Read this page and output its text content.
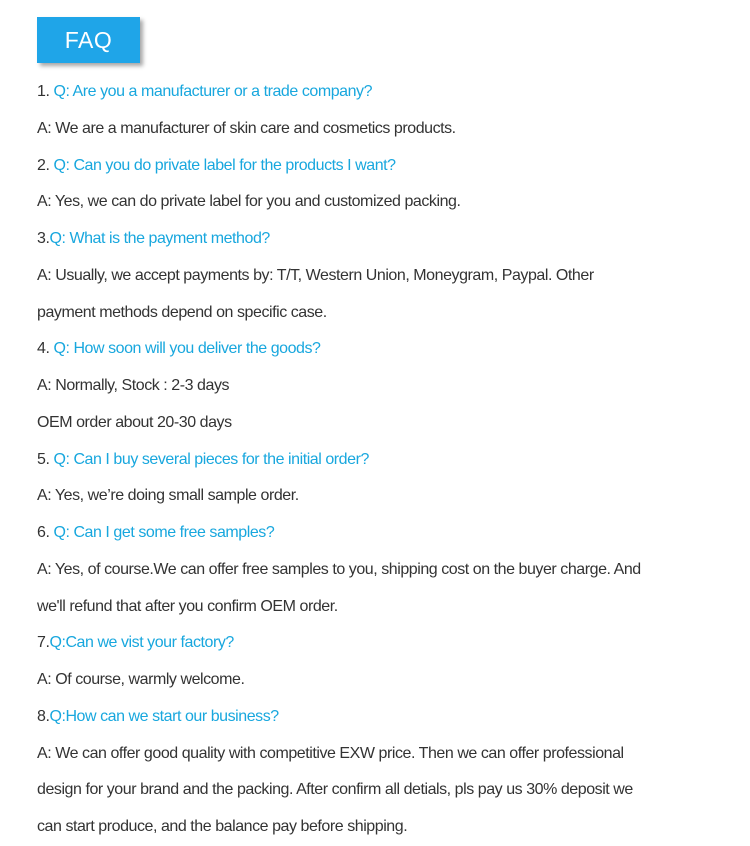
FAQ

1. Q: Are you a manufacturer or a trade company?

A: We are a manufacturer of skin care and cosmetics products.

2. Q: Can you do private label for the products I want?

A: Yes, we can do private label for you and customized packing.

3.Q: What is the payment method?

A: Usually, we accept payments by: T/T, Western Union, Moneygram, Paypal. Other

payment methods depend on specific case.

4. Q: How soon will you deliver the goods?

A: Normally, Stock : 2-3 days

OEM order about 20-30 days

5. Q: Can I buy several pieces for the initial order?

A: Yes, we’re doing small sample order.

6. Q: Can I get some free samples?

A: Yes, of course.We can offer free samples to you, shipping cost on the buyer charge. And

we'll refund that after you confirm OEM order.

7.Q:Can we vist your factory?

A: Of course, warmly welcome.

8.Q:How can we start our business?

A: We can offer good quality with competitive EXW price. Then we can offer professional

design for your brand and the packing. After confirm all detials, pls pay us 30% deposit we

can start produce, and the balance pay before shipping.
